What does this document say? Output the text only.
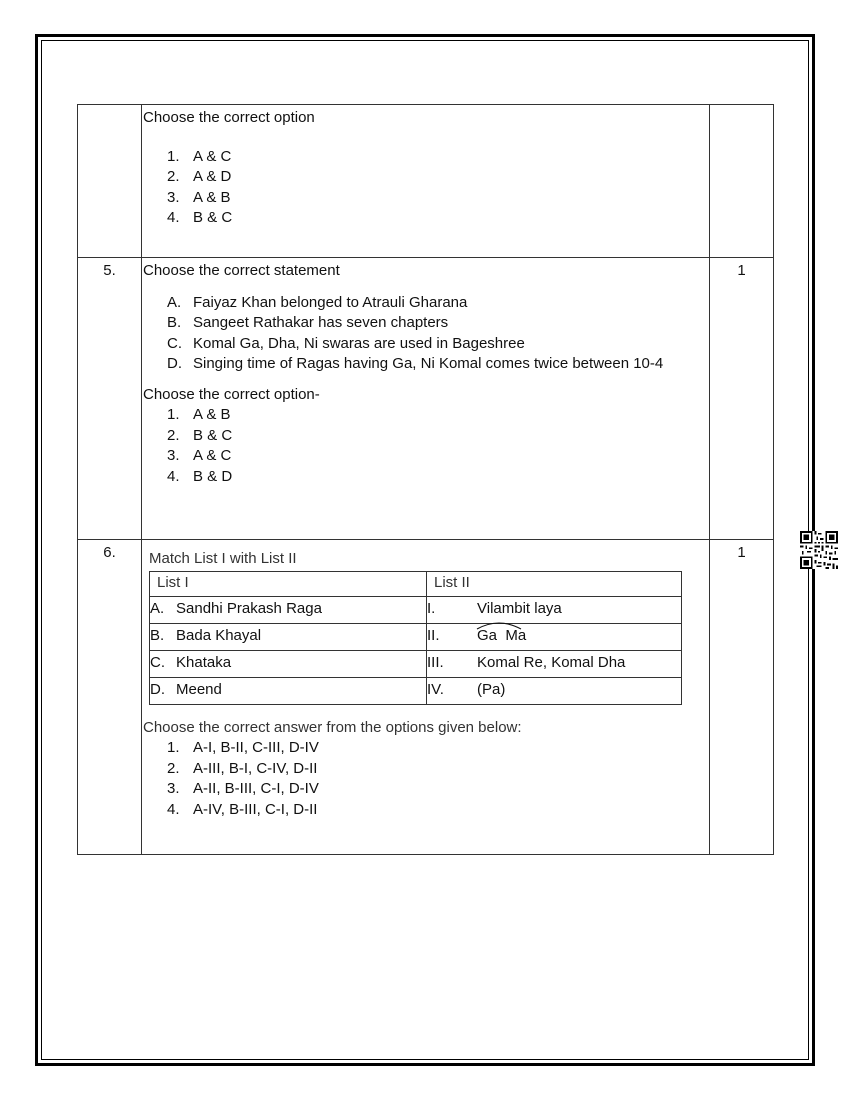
Choose the correct option
1. A & C
2. A & D
3. A & B
4. B & C

5.	Choose the correct statement
A. Faiyaz Khan belonged to Atrauli Gharana
B. Sangeet Rathakar has seven chapters
C. Komal Ga, Dha, Ni swaras are used in Bageshree
D. Singing time of Ragas having Ga, Ni Komal comes twice between 10-4
Choose the correct option-
1. A & B
2. B & C
3. A & C
4. B & D

1

6.	Match List I with List II
List I	List II
A. Sandhi Prakash Raga	I.	Vilambit laya
B. Bada Khayal	II. Ga  Ma
C. Khataka	III. Komal Re, Komal Dha
D. Meend	IV. (Pa)
Choose the correct answer from the options given below:
1. A-I, B-II, C-III, D-IV
2. A-III, B-I, C-IV, D-II
3. A-II, B-III, C-I, D-IV
4. A-IV, B-III, C-I, D-II

1
